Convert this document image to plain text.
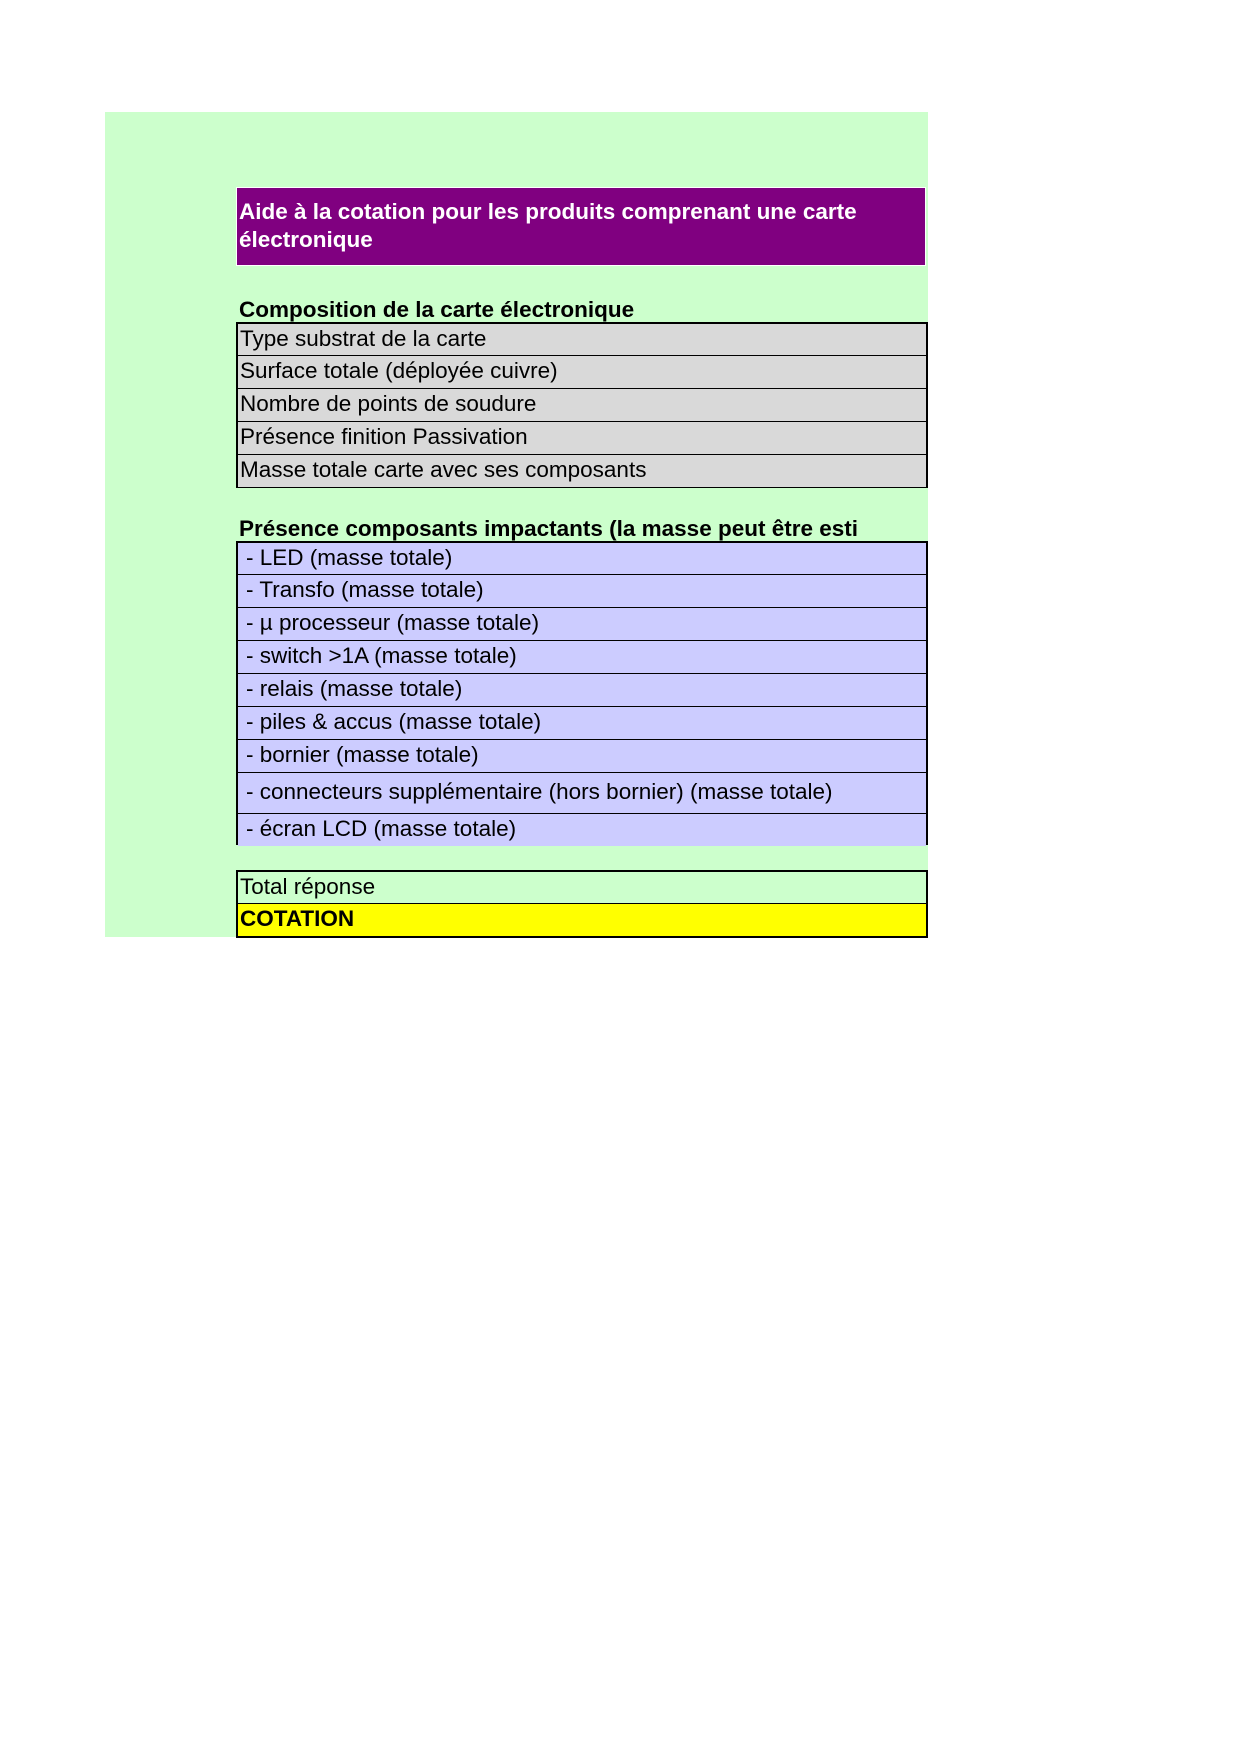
Aide à la cotation pour les produits comprenant une carte électronique
Composition de la carte électronique
Type substrat de la carte
Surface totale (déployée cuivre)
Nombre de points de soudure
Présence finition Passivation
Masse totale carte avec ses composants
Présence composants impactants (la masse peut être esti
- LED (masse totale)
- Transfo (masse totale)
- µ processeur (masse totale)
- switch >1A (masse totale)
- relais (masse totale)
- piles & accus (masse totale)
- bornier (masse totale)
- connecteurs supplémentaire (hors bornier) (masse totale)
- écran LCD (masse totale)
Total réponse
COTATION
